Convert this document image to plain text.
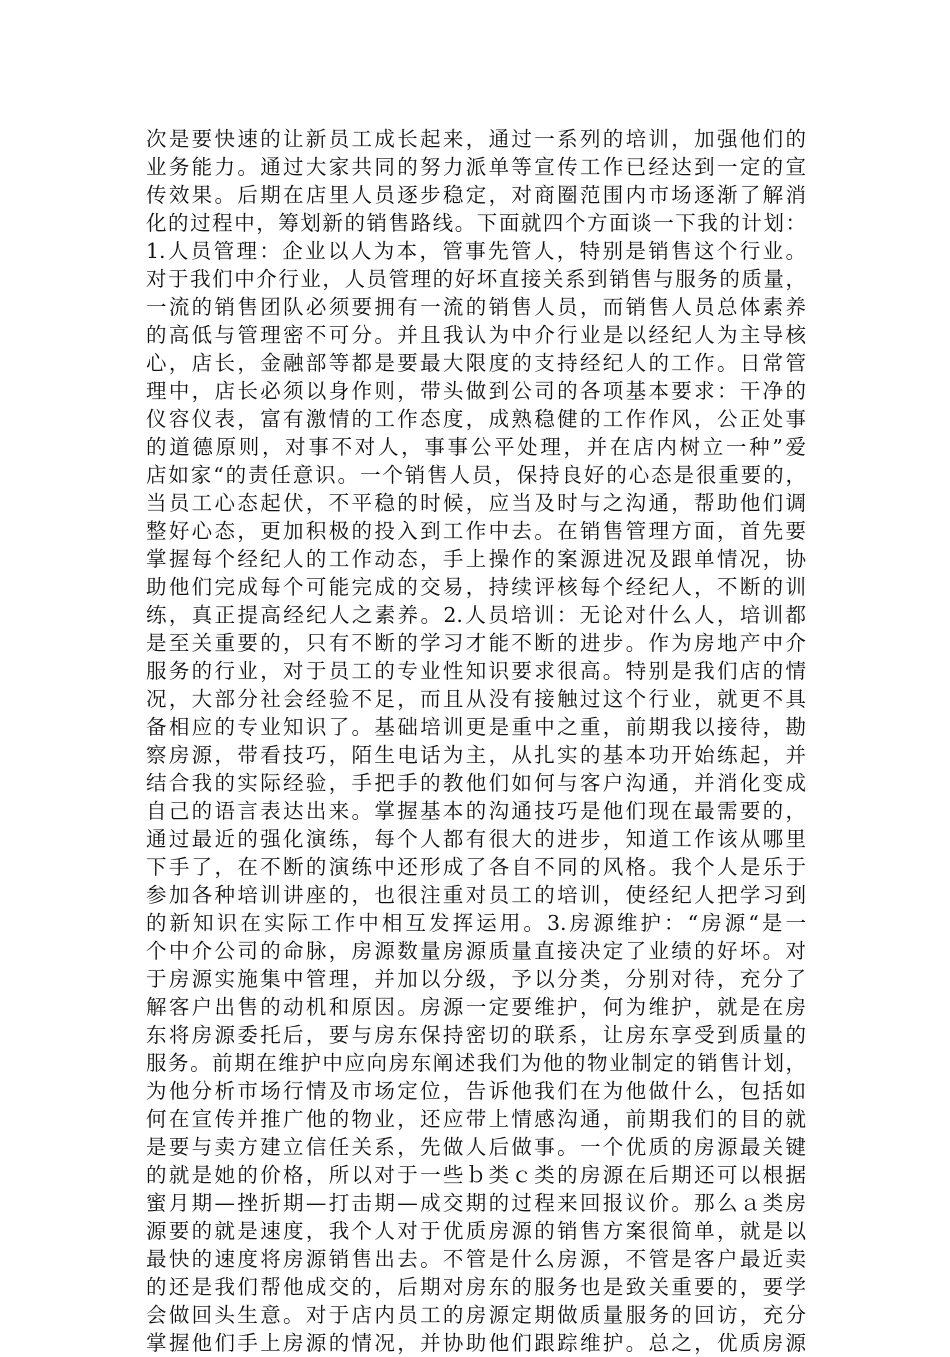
次是要快速的让新员工成长起来，通过一系列的培训，加强他们的
业务能力。通过大家共同的努力派单等宣传工作已经达到一定的宣
传效果。后期在店里人员逐步稳定，对商圈范围内市场逐渐了解消
化的过程中，筹划新的销售路线。下面就四个方面谈一下我的计划：
1.人员管理：企业以人为本，管事先管人，特别是销售这个行业。
对于我们中介行业，人员管理的好坏直接关系到销售与服务的质量，
一流的销售团队必须要拥有一流的销售人员，而销售人员总体素养
的高低与管理密不可分。并且我认为中介行业是以经纪人为主导核
心，店长，金融部等都是要最大限度的支持经纪人的工作。日常管
理中，店长必须以身作则，带头做到公司的各项基本要求：干净的
仪容仪表，富有激情的工作态度，成熟稳健的工作作风，公正处事
的道德原则，对事不对人，事事公平处理，并在店内树立一种”爱
店如家“的责任意识。一个销售人员，保持良好的心态是很重要的，
当员工心态起伏，不平稳的时候，应当及时与之沟通，帮助他们调
整好心态，更加积极的投入到工作中去。在销售管理方面，首先要
掌握每个经纪人的工作动态，手上操作的案源进况及跟单情况，协
助他们完成每个可能完成的交易，持续评核每个经纪人，不断的训
练，真正提高经纪人之素养。2.人员培训：无论对什么人，培训都
是至关重要的，只有不断的学习才能不断的进步。作为房地产中介
服务的行业，对于员工的专业性知识要求很高。特别是我们店的情
况，大部分社会经验不足，而且从没有接触过这个行业，就更不具
备相应的专业知识了。基础培训更是重中之重，前期我以接待，勘
察房源，带看技巧，陌生电话为主，从扎实的基本功开始练起，并
结合我的实际经验，手把手的教他们如何与客户沟通，并消化变成
自己的语言表达出来。掌握基本的沟通技巧是他们现在最需要的，
通过最近的强化演练，每个人都有很大的进步，知道工作该从哪里
下手了，在不断的演练中还形成了各自不同的风格。我个人是乐于
参加各种培训讲座的，也很注重对员工的培训，使经纪人把学习到
的新知识在实际工作中相互发挥运用。3.房源维护：“房源“是一
个中介公司的命脉，房源数量房源质量直接决定了业绩的好坏。对
于房源实施集中管理，并加以分级，予以分类，分别对待，充分了
解客户出售的动机和原因。房源一定要维护，何为维护，就是在房
东将房源委托后，要与房东保持密切的联系，让房东享受到质量的
服务。前期在维护中应向房东阐述我们为他的物业制定的销售计划，
为他分析市场行情及市场定位，告诉他我们在为他做什么，包括如
何在宣传并推广他的物业，还应带上情感沟通，前期我们的目的就
是要与卖方建立信任关系，先做人后做事。一个优质的房源最关键
的就是她的价格，所以对于一些ｂ类ｃ类的房源在后期还可以根据
蜜月期—挫折期—打击期—成交期的过程来回报议价。那么ａ类房
源要的就是速度，我个人对于优质房源的销售方案很简单，就是以
最快的速度将房源销售出去。不管是什么房源，不管是客户最近卖
的还是我们帮他成交的，后期对房东的服务也是致关重要的，要学
会做回头生意。对于店内员工的房源定期做质量服务的回访，充分
掌握他们手上房源的情况，并协助他们跟踪维护。总之，优质房源
